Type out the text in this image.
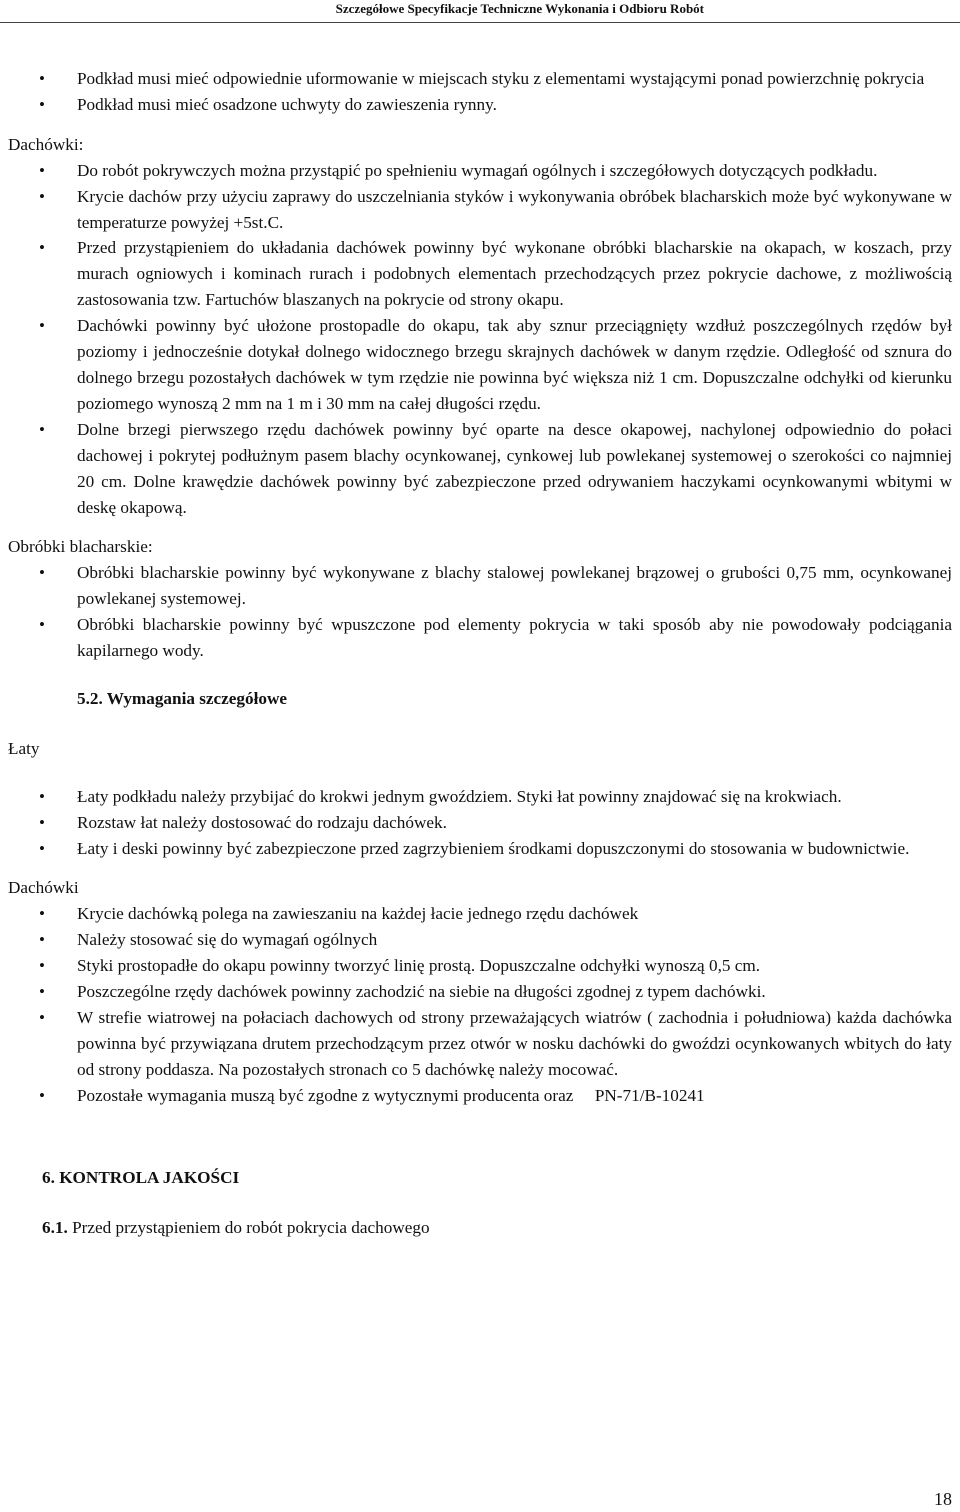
Szczegółowe Specyfikacje Techniczne Wykonania i Odbioru Robót
• Podkład musi mieć odpowiednie uformowanie w miejscach styku z elementami wystającymi ponad powierzchnię pokrycia
• Podkład musi mieć osadzone uchwyty do zawieszenia rynny.

Dachówki:

• Do robót pokrywczych można przystąpić po spełnieniu wymagań ogólnych i szczegółowych dotyczących podkładu.
• Krycie dachów przy użyciu zaprawy do uszczelniania styków i wykonywania obróbek blacharskich może być wykonywane w temperaturze powyżej +5st.C.
• Przed przystąpieniem do układania dachówek powinny być wykonane obróbki blacharskie na okapach, w koszach, przy murach ogniowych i kominach rurach i podobnych elementach przechodzących przez pokrycie dachowe, z możliwością zastosowania tzw. Fartuchów blaszanych na pokrycie od strony okapu.
• Dachówki powinny być ułożone prostopadle do okapu, tak aby sznur przeciągnięty wzdłuż poszczególnych rzędów był poziomy i jednocześnie dotykał dolnego widocznego brzegu skrajnych dachówek w danym rzędzie. Odległość od sznura do dolnego brzegu pozostałych dachówek w tym rzędzie nie powinna być większa niż 1 cm. Dopuszczalne odchyłki od kierunku poziomego wynoszą 2 mm na 1 m i 30 mm na całej długości rzędu.
• Dolne brzegi pierwszego rzędu dachówek powinny być oparte na desce okapowej, nachylonej odpowiednio do połaci dachowej i pokrytej podłużnym pasem blachy ocynkowanej, cynkowej lub powlekanej systemowej o szerokości co najmniej 20 cm. Dolne krawędzie dachówek powinny być zabezpieczone przed odrywaniem haczykami ocynkowanymi wbitymi w deskę okapową.

Obróbki blacharskie:

• Obróbki blacharskie powinny być wykonywane z blachy stalowej powlekanej brązowej o grubości 0,75 mm, ocynkowanej powlekanej systemowej.
• Obróbki blacharskie powinny być wpuszczone pod elementy pokrycia w taki sposób aby nie powodowały podciągania kapilarnego wody.

5.2. Wymagania szczegółowe

Łaty

• Łaty podkładu należy przybijać do krokwi jednym gwoździem. Styki łat powinny znajdować się na krokwiach.
• Rozstaw łat należy dostosować do rodzaju dachówek.
• Łaty i deski powinny być zabezpieczone przed zagrzybieniem środkami dopuszczonymi do stosowania w budownictwie.

Dachówki

• Krycie dachówką polega na zawieszaniu na każdej łacie jednego rzędu dachówek
• Należy stosować się do wymagań ogólnych
• Styki prostopadłe do okapu powinny tworzyć linię prostą. Dopuszczalne odchyłki wynoszą 0,5 cm.
• Poszczególne rzędy dachówek powinny zachodzić na siebie na długości zgodnej z typem dachówki.
• W strefie wiatrowej na połaciach dachowych od strony przeważających wiatrów ( zachodnia i południowa) każda dachówka powinna być przywiązana drutem przechodzącym przez otwór w nosku dachówki do gwoździ ocynkowanych wbitych do łaty od strony poddasza. Na pozostałych stronach co 5 dachówkę należy mocować.
• Pozostałe wymagania muszą być zgodne z wytycznymi producenta oraz     PN-71/B-10241

6. KONTROLA JAKOŚCI

6.1. Przed przystąpieniem do robót pokrycia dachowego

18
